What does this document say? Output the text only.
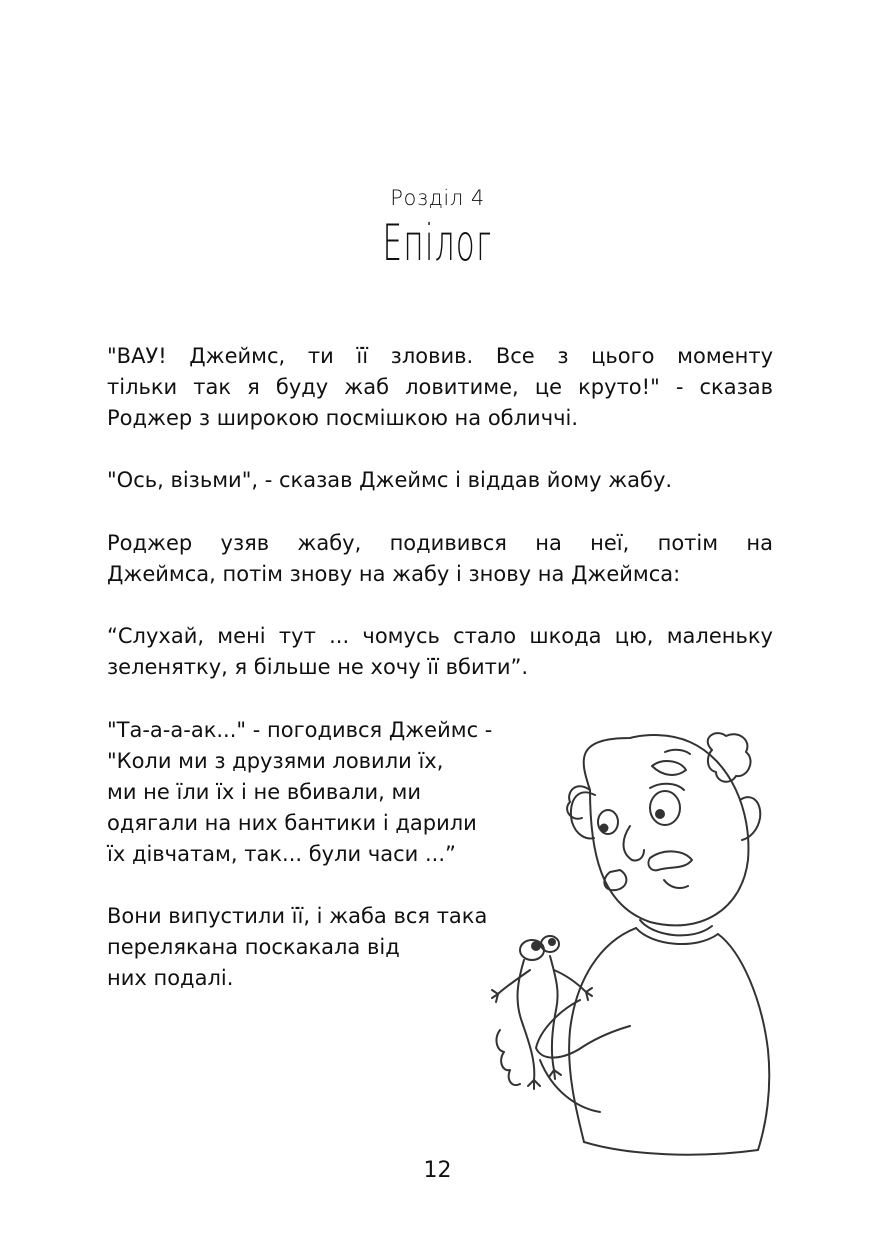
Розділ 4
Епілог
"ВАУ! Джеймс, ти її зловив. Все з цього моменту
тільки так я буду жаб ловитиме, це круто!" - сказав
Роджер з широкою посмішкою на обличчі.
"Ось, візьми", - сказав Джеймс і віддав йому жабу.
Роджер узяв жабу, подивився на неї, потім на
Джеймса, потім знову на жабу і знову на Джеймса:
“Слухай, мені тут ... чомусь стало шкода цю, маленьку
зеленятку, я більше не хочу її вбити”.
"Та-а-а-ак..." - погодився Джеймс -
"Коли ми з друзями ловили їх,
ми не їли їх і не вбивали, ми
одягали на них бантики і дарили
їх дівчатам, так... були часи ...”
Вони випустили її, і жаба вся така
перелякана поскакала від
них подалі.
12
